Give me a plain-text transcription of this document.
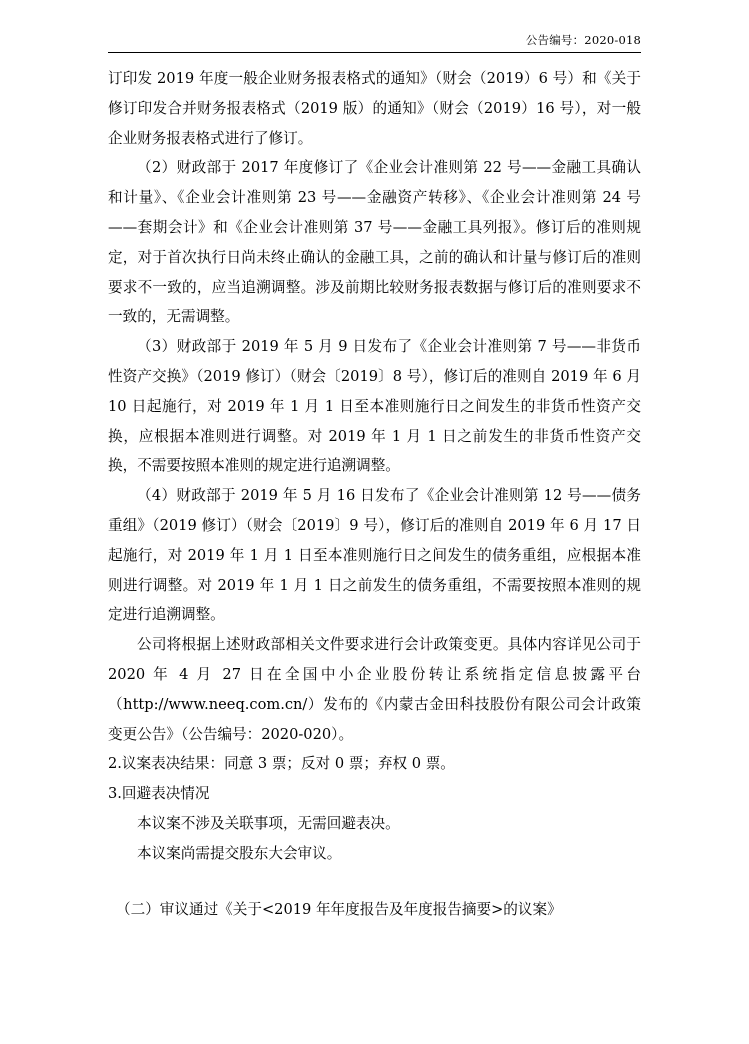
公告编号：2020-018

订印发 2019 年度一般企业财务报表格式的通知》（财会（2019）6 号）和《关于修订印发合并财务报表格式（2019 版）的通知》（财会（2019）16 号），对一般企业财务报表格式进行了修订。

（2）财政部于 2017 年度修订了《企业会计准则第 22 号——金融工具确认和计量》、《企业会计准则第 23 号——金融资产转移》、《企业会计准则第 24 号——套期会计》和《企业会计准则第 37 号——金融工具列报》。修订后的准则规定，对于首次执行日尚未终止确认的金融工具，之前的确认和计量与修订后的准则要求不一致的，应当追溯调整。涉及前期比较财务报表数据与修订后的准则要求不一致的，无需调整。

（3）财政部于 2019 年 5 月 9 日发布了《企业会计准则第 7 号——非货币性资产交换》（2019 修订）（财会〔2019〕8 号），修订后的准则自 2019 年 6 月 10 日起施行，对 2019 年 1 月 1 日至本准则施行日之间发生的非货币性资产交换，应根据本准则进行调整。对 2019 年 1 月 1 日之前发生的非货币性资产交换，不需要按照本准则的规定进行追溯调整。

（4）财政部于 2019 年 5 月 16 日发布了《企业会计准则第 12 号——债务重组》（2019 修订）（财会〔2019〕9 号），修订后的准则自 2019 年 6 月 17 日起施行，对 2019 年 1 月 1 日至本准则施行日之间发生的债务重组，应根据本准则进行调整。对 2019 年 1 月 1 日之前发生的债务重组，不需要按照本准则的规定进行追溯调整。

公司将根据上述财政部相关文件要求进行会计政策变更。具体内容详见公司于 2020 年 4 月 27 日在全国中小企业股份转让系统指定信息披露平台（http://www.neeq.com.cn/）发布的《内蒙古金田科技股份有限公司会计政策变更公告》（公告编号：2020-020）。

2.议案表决结果：同意 3 票；反对 0 票；弃权 0 票。

3.回避表决情况

本议案不涉及关联事项，无需回避表决。

本议案尚需提交股东大会审议。

（二）审议通过《关于<2019 年年度报告及年度报告摘要>的议案》
